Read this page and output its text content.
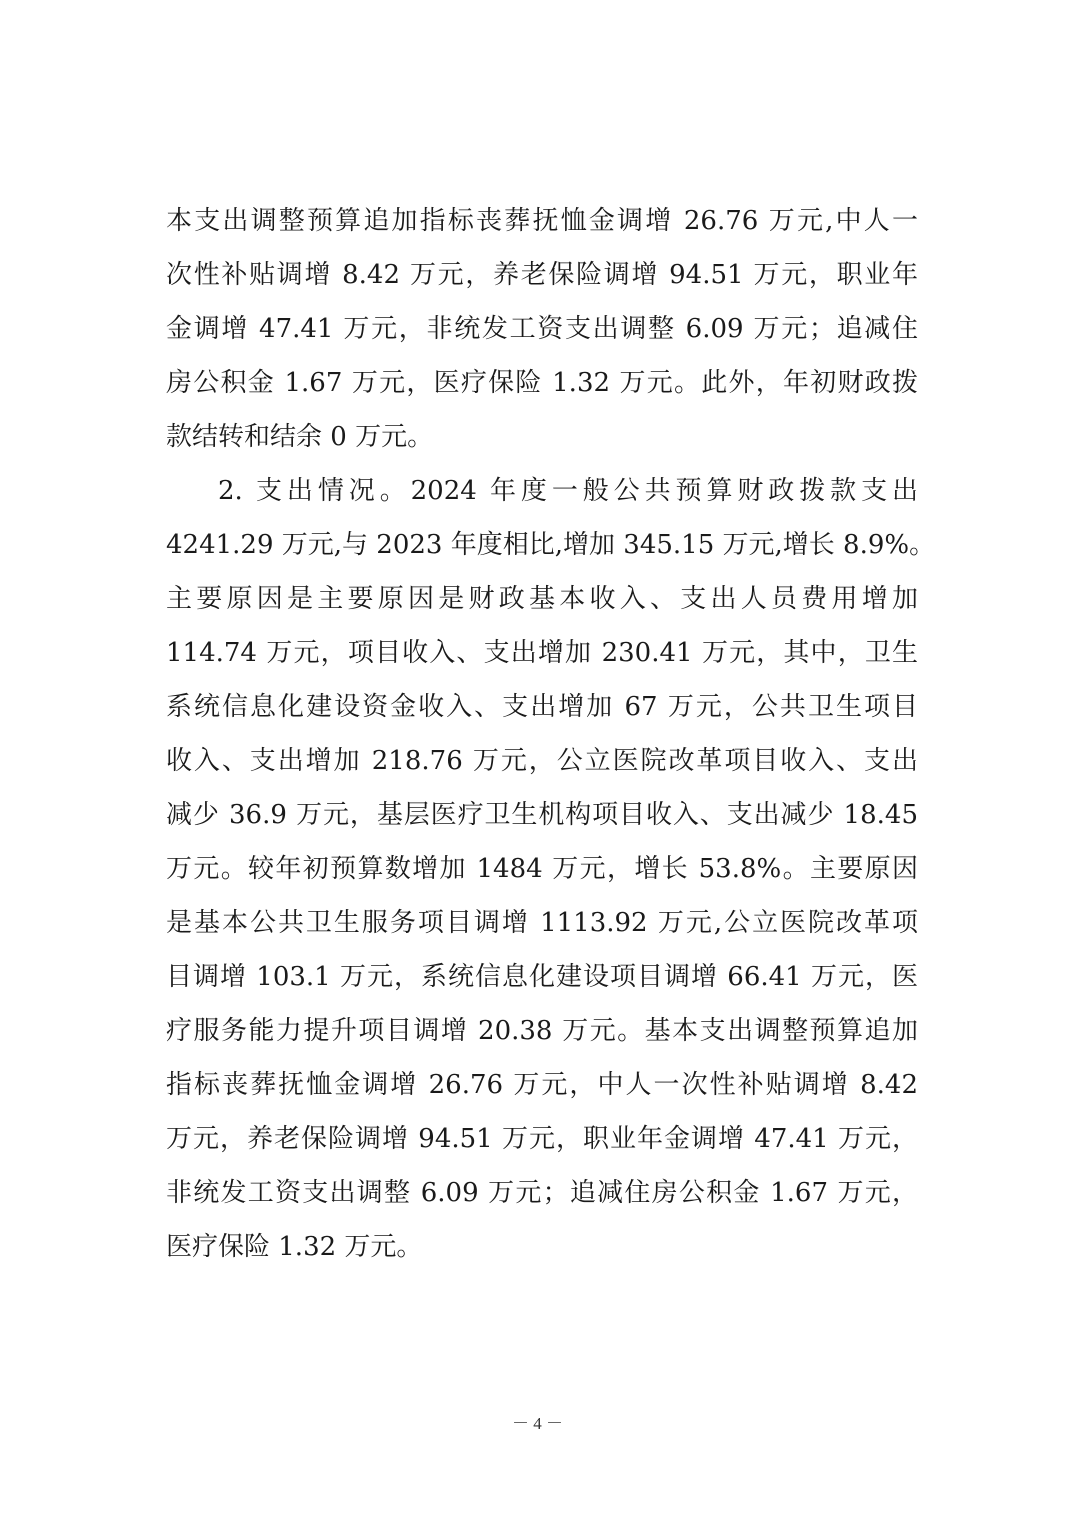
本支出调整预算追加指标丧葬抚恤金调增 26.76 万元,中人一
次性补贴调增 8.42 万元，养老保险调增 94.51 万元，职业年
金调增 47.41 万元，非统发工资支出调整 6.09 万元；追减住
房公积金 1.67 万元，医疗保险 1.32 万元。此外，年初财政拨
款结转和结余 0 万元。
2. 支出情况。2024 年度一般公共预算财政拨款支出
4241.29 万元,与 2023 年度相比,增加 345.15 万元,增长 8.9%。
主要原因是主要原因是财政基本收入、支出人员费用增加
114.74 万元，项目收入、支出增加 230.41 万元，其中，卫生
系统信息化建设资金收入、支出增加 67 万元，公共卫生项目
收入、支出增加 218.76 万元，公立医院改革项目收入、支出
减少 36.9 万元，基层医疗卫生机构项目收入、支出减少 18.45
万元。较年初预算数增加 1484 万元，增长 53.8%。主要原因
是基本公共卫生服务项目调增 1113.92 万元,公立医院改革项
目调增 103.1 万元，系统信息化建设项目调增 66.41 万元，医
疗服务能力提升项目调增 20.38 万元。基本支出调整预算追加
指标丧葬抚恤金调增 26.76 万元，中人一次性补贴调增 8.42
万元，养老保险调增 94.51 万元，职业年金调增 47.41 万元，
非统发工资支出调整 6.09 万元；追减住房公积金 1.67 万元，
医疗保险 1.32 万元。
－ 4 －
